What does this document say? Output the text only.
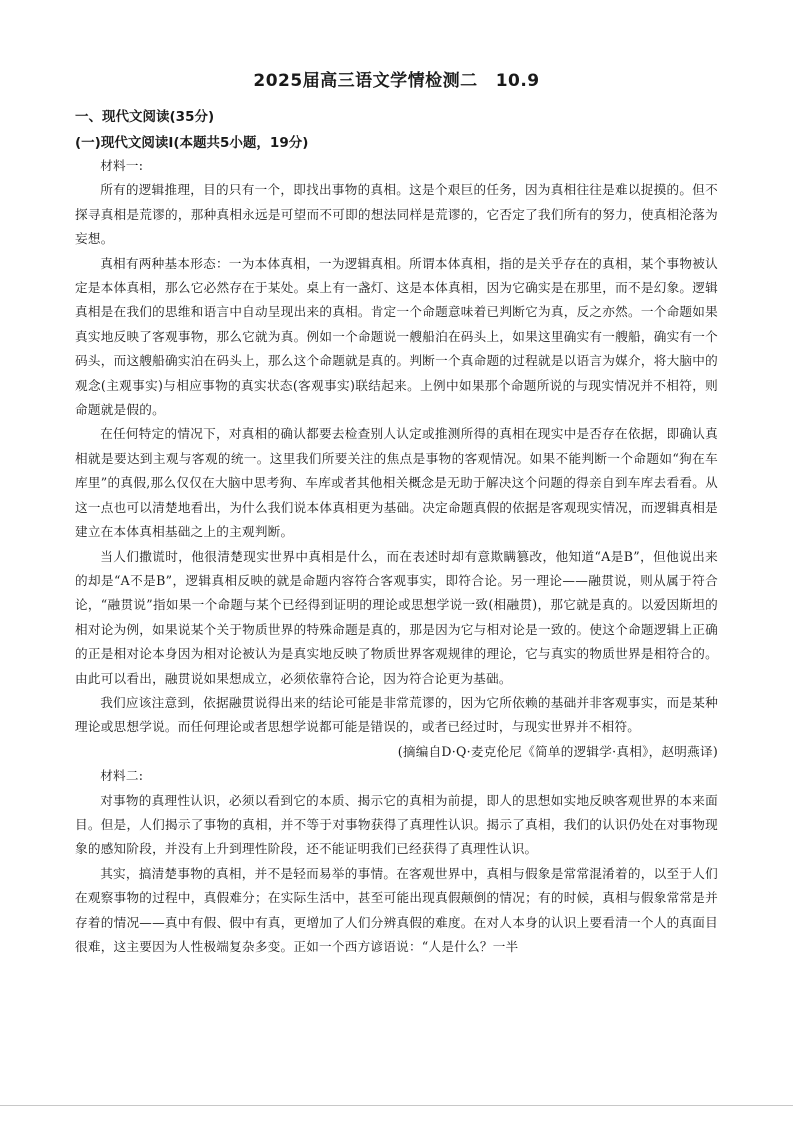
2025届高三语文学情检测二 10.9
一、现代文阅读(35分)
(一)现代文阅读Ⅰ(本题共5小题，19分)

材料一:

所有的逻辑推理，目的只有一个，即找出事物的真相。这是个艰巨的任务，因为真相往往是难以捉摸的。但不探寻真相是荒谬的，那种真相永远是可望而不可即的想法同样是荒谬的，它否定了我们所有的努力，使真相沦落为妄想。

真相有两种基本形态：一为本体真相，一为逻辑真相。所谓本体真相，指的是关乎存在的真相，某个事物被认定是本体真相，那么它必然存在于某处。桌上有一盏灯、这是本体真相，因为它确实是在那里，而不是幻象。逻辑真相是在我们的思维和语言中自动呈现出来的真相。肯定一个命题意味着已判断它为真，反之亦然。一个命题如果真实地反映了客观事物，那么它就为真。例如一个命题说一艘船泊在码头上，如果这里确实有一艘船，确实有一个码头，而这艘船确实泊在码头上，那么这个命题就是真的。判断一个真命题的过程就是以语言为媒介，将大脑中的观念(主观事实)与相应事物的真实状态(客观事实)联结起来。上例中如果那个命题所说的与现实情况并不相符，则命题就是假的。

在任何特定的情况下，对真相的确认都要去检查别人认定或推测所得的真相在现实中是否存在依据，即确认真相就是要达到主观与客观的统一。这里我们所要关注的焦点是事物的客观情况。如果不能判断一个命题如“狗在车库里”的真假,那么仅仅在大脑中思考狗、车库或者其他相关概念是无助于解决这个问题的得亲自到车库去看看。从这一点也可以清楚地看出，为什么我们说本体真相更为基础。决定命题真假的依据是客观现实情况，而逻辑真相是建立在本体真相基础之上的主观判断。

当人们撒谎时，他很清楚现实世界中真相是什么，而在表述时却有意欺瞒篡改，他知道“A是B”，但他说出来的却是“A不是B”，逻辑真相反映的就是命题内容符合客观事实，即符合论。另一理论——融贯说，则从属于符合论，“融贯说”指如果一个命题与某个已经得到证明的理论或思想学说一致(相融贯)，那它就是真的。以爱因斯坦的相对论为例，如果说某个关于物质世界的特殊命题是真的，那是因为它与相对论是一致的。使这个命题逻辑上正确的正是相对论本身因为相对论被认为是真实地反映了物质世界客观规律的理论，它与真实的物质世界是相符合的。由此可以看出，融贯说如果想成立，必须依靠符合论，因为符合论更为基础。

我们应该注意到，依据融贯说得出来的结论可能是非常荒谬的，因为它所依赖的基础并非客观事实，而是某种理论或思想学说。而任何理论或者思想学说都可能是错误的，或者已经过时，与现实世界并不相符。

(摘编自D·Q·麦克伦尼《简单的逻辑学·真相》，赵明燕译)

材料二:

对事物的真理性认识，必须以看到它的本质、揭示它的真相为前提，即人的思想如实地反映客观世界的本来面目。但是，人们揭示了事物的真相，并不等于对事物获得了真理性认识。揭示了真相，我们的认识仍处在对事物现象的感知阶段，并没有上升到理性阶段，还不能证明我们已经获得了真理性认识。

其实，搞清楚事物的真相，并不是轻而易举的事情。在客观世界中，真相与假象是常常混淆着的，以至于人们在观察事物的过程中，真假难分；在实际生活中，甚至可能出现真假颠倒的情况；有的时候，真相与假象常常是并存着的情况——真中有假、假中有真，更增加了人们分辨真假的难度。在对人本身的认识上要看清一个人的真面目很难，这主要因为人性极端复杂多变。正如一个西方谚语说：“人是什么？一半
